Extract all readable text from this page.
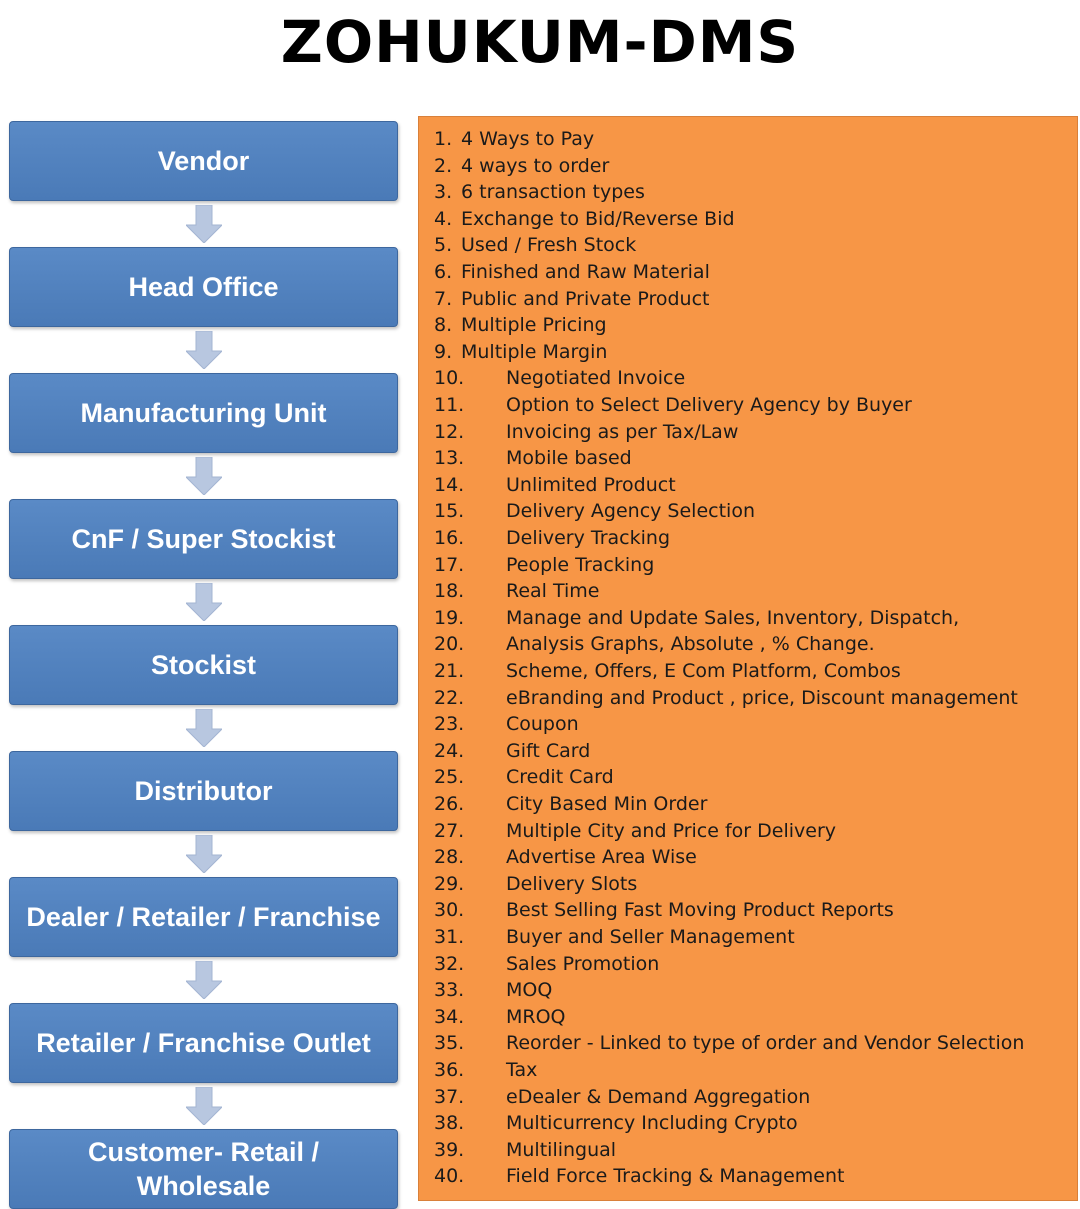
ZOHUKUM-DMS
Vendor
Head Office
Manufacturing Unit
CnF / Super Stockist
Stockist
Distributor
Dealer / Retailer / Franchise
Retailer / Franchise Outlet
Customer- Retail / Wholesale
1. 4 Ways to Pay
2. 4 ways to order
3. 6 transaction types
4. Exchange to Bid/Reverse Bid
5. Used / Fresh Stock
6. Finished and Raw Material
7. Public and Private Product
8. Multiple Pricing
9. Multiple Margin
10. Negotiated Invoice
11. Option to Select Delivery Agency by Buyer
12. Invoicing as per Tax/Law
13. Mobile based
14. Unlimited Product
15. Delivery Agency Selection
16. Delivery Tracking
17. People Tracking
18. Real Time
19. Manage and Update Sales, Inventory, Dispatch,
20. Analysis Graphs, Absolute , % Change.
21. Scheme, Offers, E Com Platform, Combos
22. eBranding and Product , price, Discount management
23. Coupon
24. Gift Card
25. Credit Card
26. City Based Min Order
27. Multiple City and Price for Delivery
28. Advertise Area Wise
29. Delivery Slots
30. Best Selling Fast Moving Product Reports
31. Buyer and Seller Management
32. Sales Promotion
33. MOQ
34. MROQ
35. Reorder - Linked to type of order and Vendor Selection
36. Tax
37. eDealer & Demand Aggregation
38. Multicurrency Including Crypto
39. Multilingual
40. Field Force Tracking & Management
